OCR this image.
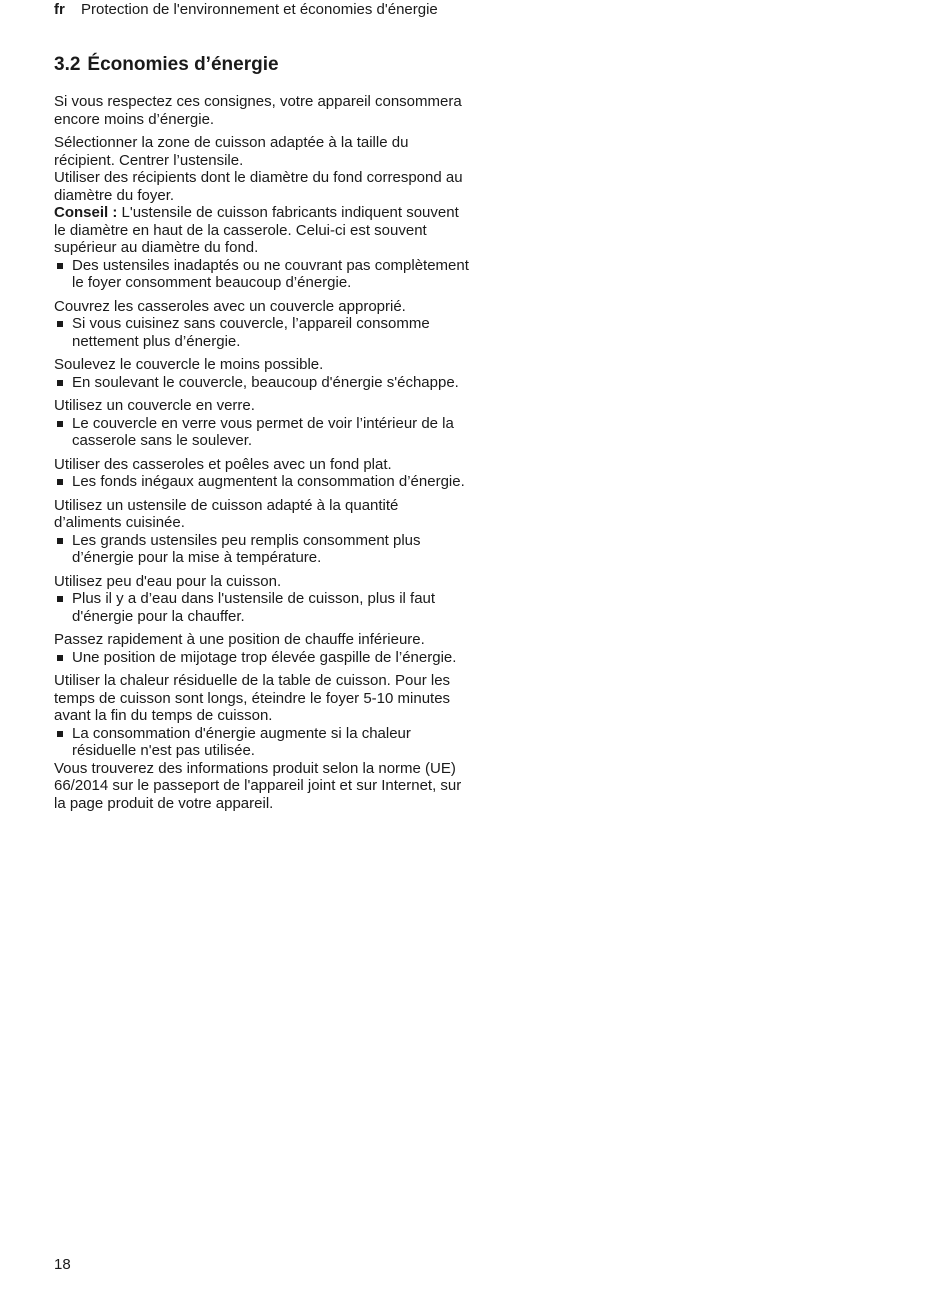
fr Protection de l'environnement et économies d'énergie
3.2 Économies d’énergie

Si vous respectez ces consignes, votre appareil consommera encore moins d’énergie.

Sélectionner la zone de cuisson adaptée à la taille du récipient. Centrer l’ustensile.

Utiliser des récipients dont le diamètre du fond correspond au diamètre du foyer.

Conseil : L'ustensile de cuisson fabricants indiquent souvent le diamètre en haut de la casserole. Celui-ci est souvent supérieur au diamètre du fond.

Des ustensiles inadaptés ou ne couvrant pas complètement le foyer consomment beaucoup d’énergie.

Couvrez les casseroles avec un couvercle approprié.

Si vous cuisinez sans couvercle, l’appareil consomme nettement plus d’énergie.

Soulevez le couvercle le moins possible.

En soulevant le couvercle, beaucoup d'énergie s'échappe.

Utilisez un couvercle en verre.

Le couvercle en verre vous permet de voir l’intérieur de la casserole sans le soulever.

Utiliser des casseroles et poêles avec un fond plat.

Les fonds inégaux augmentent la consommation d’énergie.

Utilisez un ustensile de cuisson adapté à la quantité d’aliments cuisinée.

Les grands ustensiles peu remplis consomment plus d’énergie pour la mise à température.

Utilisez peu d'eau pour la cuisson.

Plus il y a d’eau dans l'ustensile de cuisson, plus il faut d'énergie pour la chauffer.

Passez rapidement à une position de chauffe inférieure.

Une position de mijotage trop élevée gaspille de l’énergie.

Utiliser la chaleur résiduelle de la table de cuisson. Pour les temps de cuisson sont longs, éteindre le foyer 5-10 minutes avant la fin du temps de cuisson.

La consommation d'énergie augmente si la chaleur résiduelle n'est pas utilisée.

Vous trouverez des informations produit selon la norme (UE) 66/2014 sur le passeport de l'appareil joint et sur Internet, sur la page produit de votre appareil.

18
